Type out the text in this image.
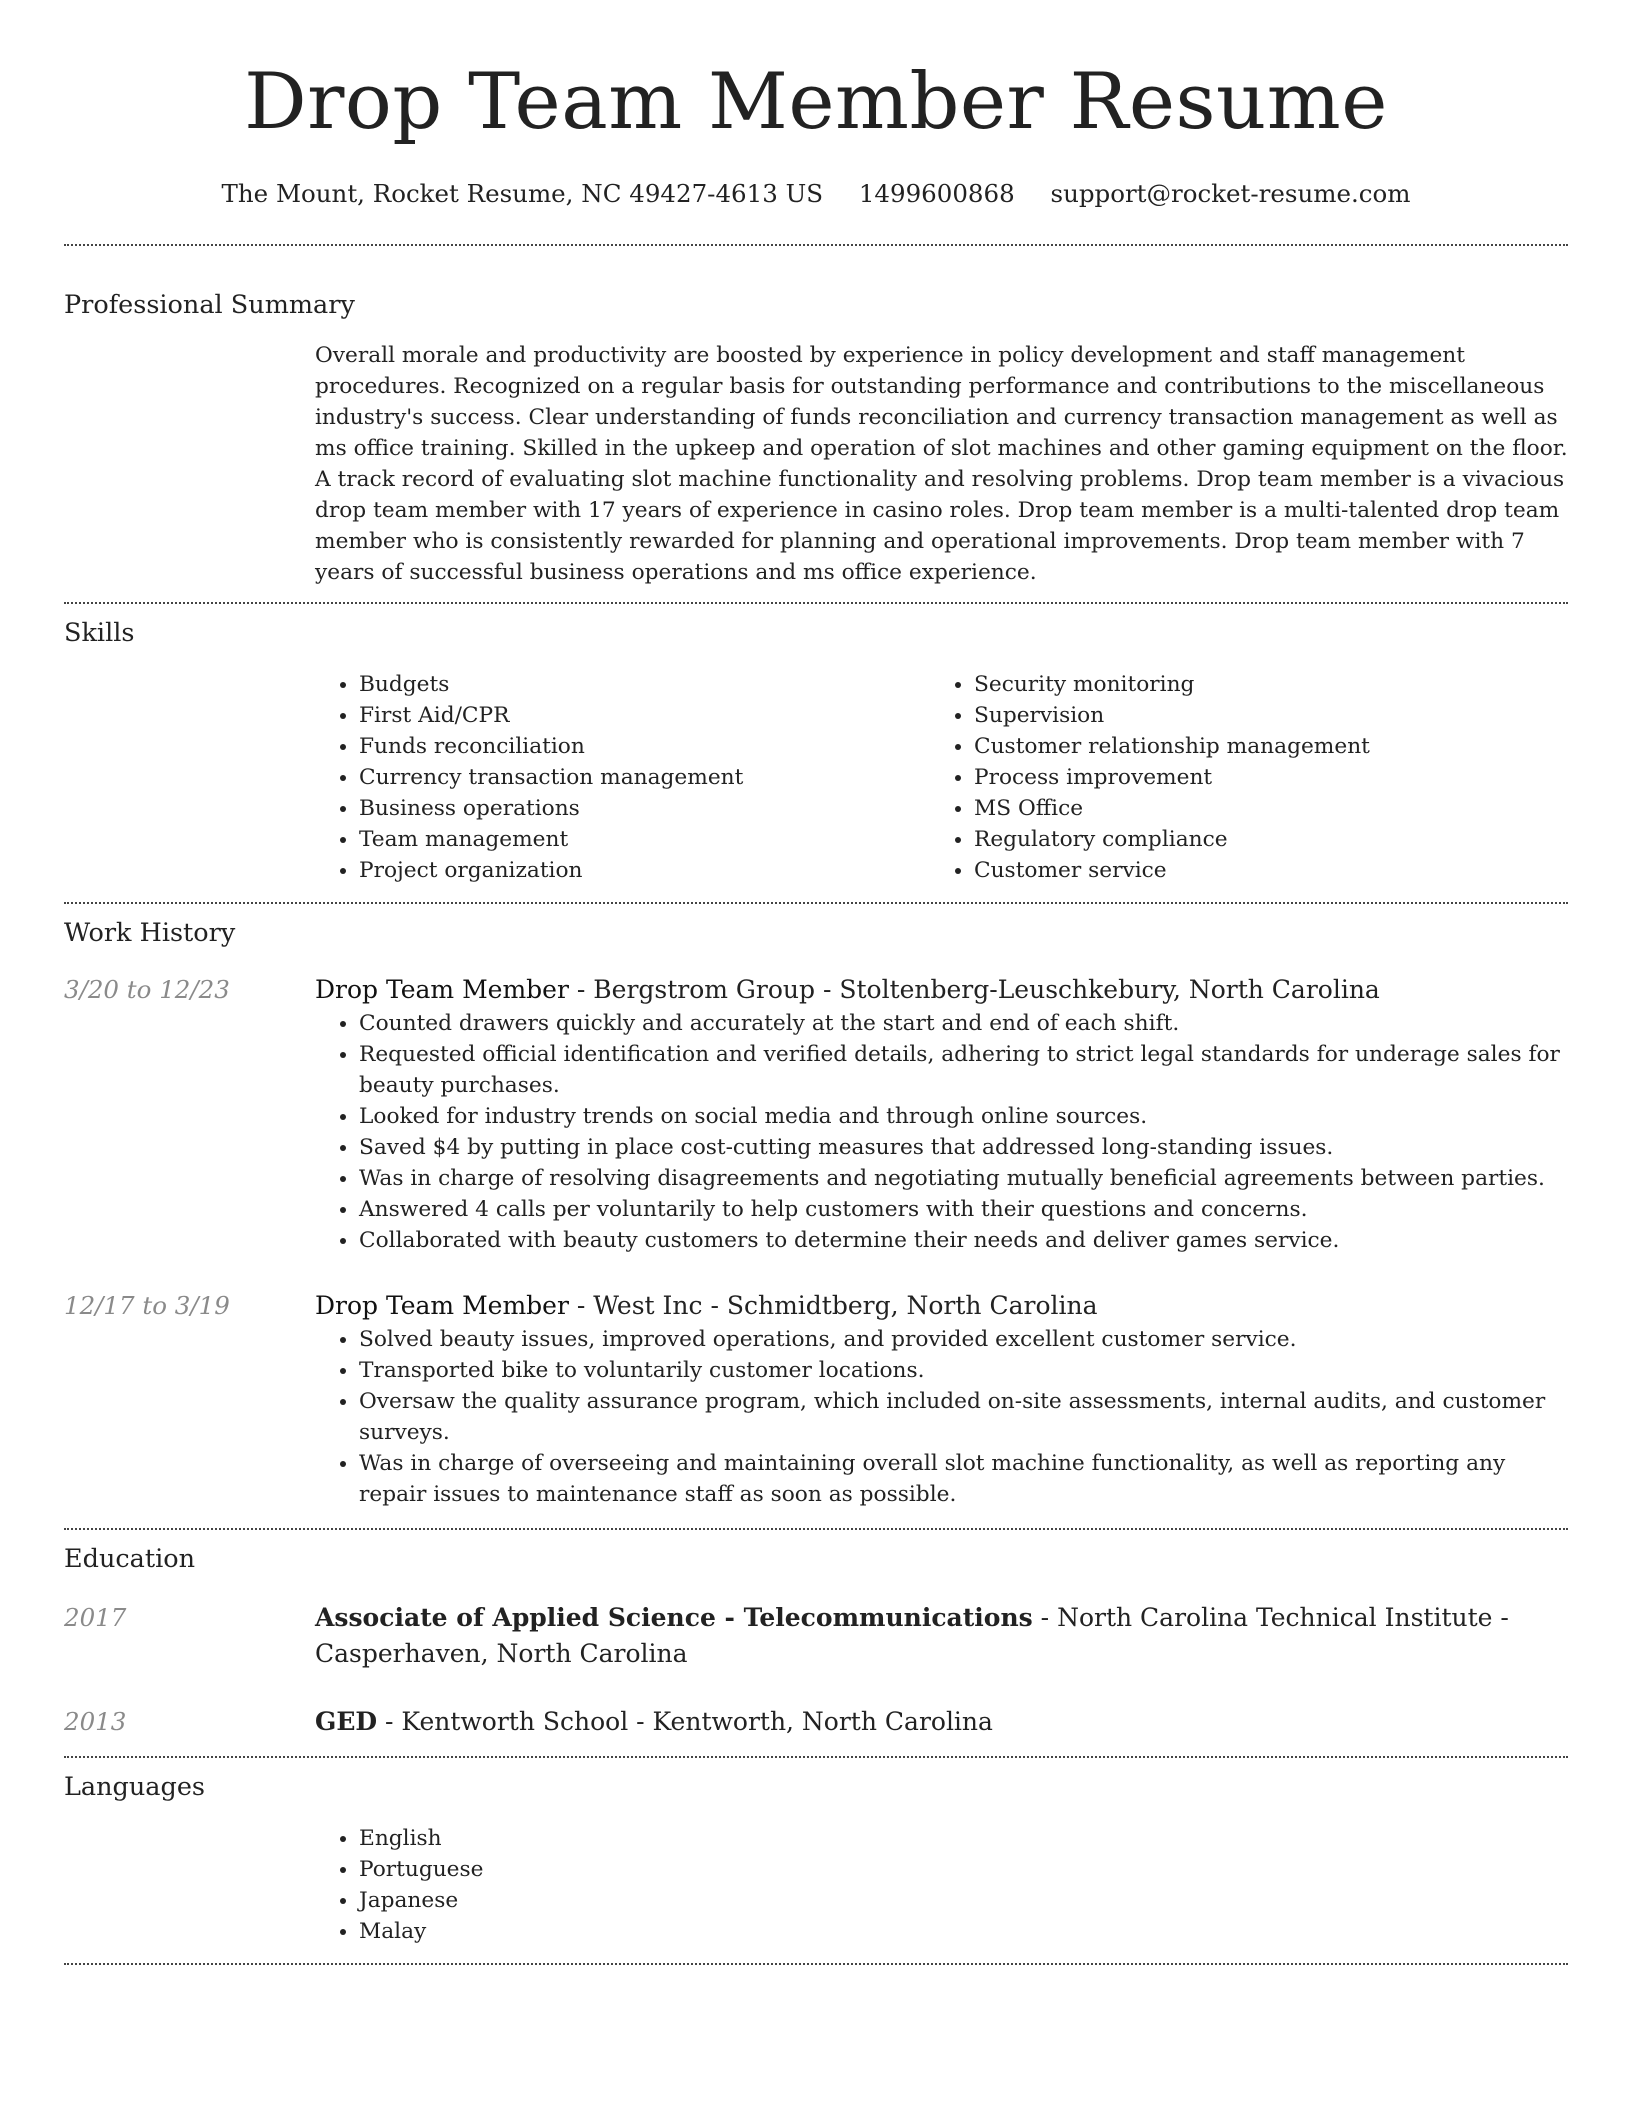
Drop Team Member Resume
The Mount, Rocket Resume, NC 49427-4613 US 1499600868 support@rocket-resume.com
Professional Summary
Overall morale and productivity are boosted by experience in policy development and staff management procedures. Recognized on a regular basis for outstanding performance and contributions to the miscellaneous industry's success. Clear understanding of funds reconciliation and currency transaction management as well as ms office training. Skilled in the upkeep and operation of slot machines and other gaming equipment on the floor. A track record of evaluating slot machine functionality and resolving problems. Drop team member is a vivacious drop team member with 17 years of experience in casino roles. Drop team member is a multi-talented drop team member who is consistently rewarded for planning and operational improvements. Drop team member with 7 years of successful business operations and ms office experience.
Skills
• Budgets
• First Aid/CPR
• Funds reconciliation
• Currency transaction management
• Business operations
• Team management
• Project organization
• Security monitoring
• Supervision
• Customer relationship management
• Process improvement
• MS Office
• Regulatory compliance
• Customer service
Work History
3/20 to 12/23	Drop Team Member - Bergstrom Group - Stoltenberg-Leuschkebury, North Carolina
• Counted drawers quickly and accurately at the start and end of each shift.
• Requested official identification and verified details, adhering to strict legal standards for underage sales for beauty purchases.
• Looked for industry trends on social media and through online sources.
• Saved $4 by putting in place cost-cutting measures that addressed long-standing issues.
• Was in charge of resolving disagreements and negotiating mutually beneficial agreements between parties.
• Answered 4 calls per voluntarily to help customers with their questions and concerns.
• Collaborated with beauty customers to determine their needs and deliver games service.
12/17 to 3/19	Drop Team Member - West Inc - Schmidtberg, North Carolina
• Solved beauty issues, improved operations, and provided excellent customer service.
• Transported bike to voluntarily customer locations.
• Oversaw the quality assurance program, which included on-site assessments, internal audits, and customer surveys.
• Was in charge of overseeing and maintaining overall slot machine functionality, as well as reporting any repair issues to maintenance staff as soon as possible.
Education
2017	Associate of Applied Science - Telecommunications - North Carolina Technical Institute - Casperhaven, North Carolina
2013	GED - Kentworth School - Kentworth, North Carolina
Languages
• English
• Portuguese
• Japanese
• Malay
